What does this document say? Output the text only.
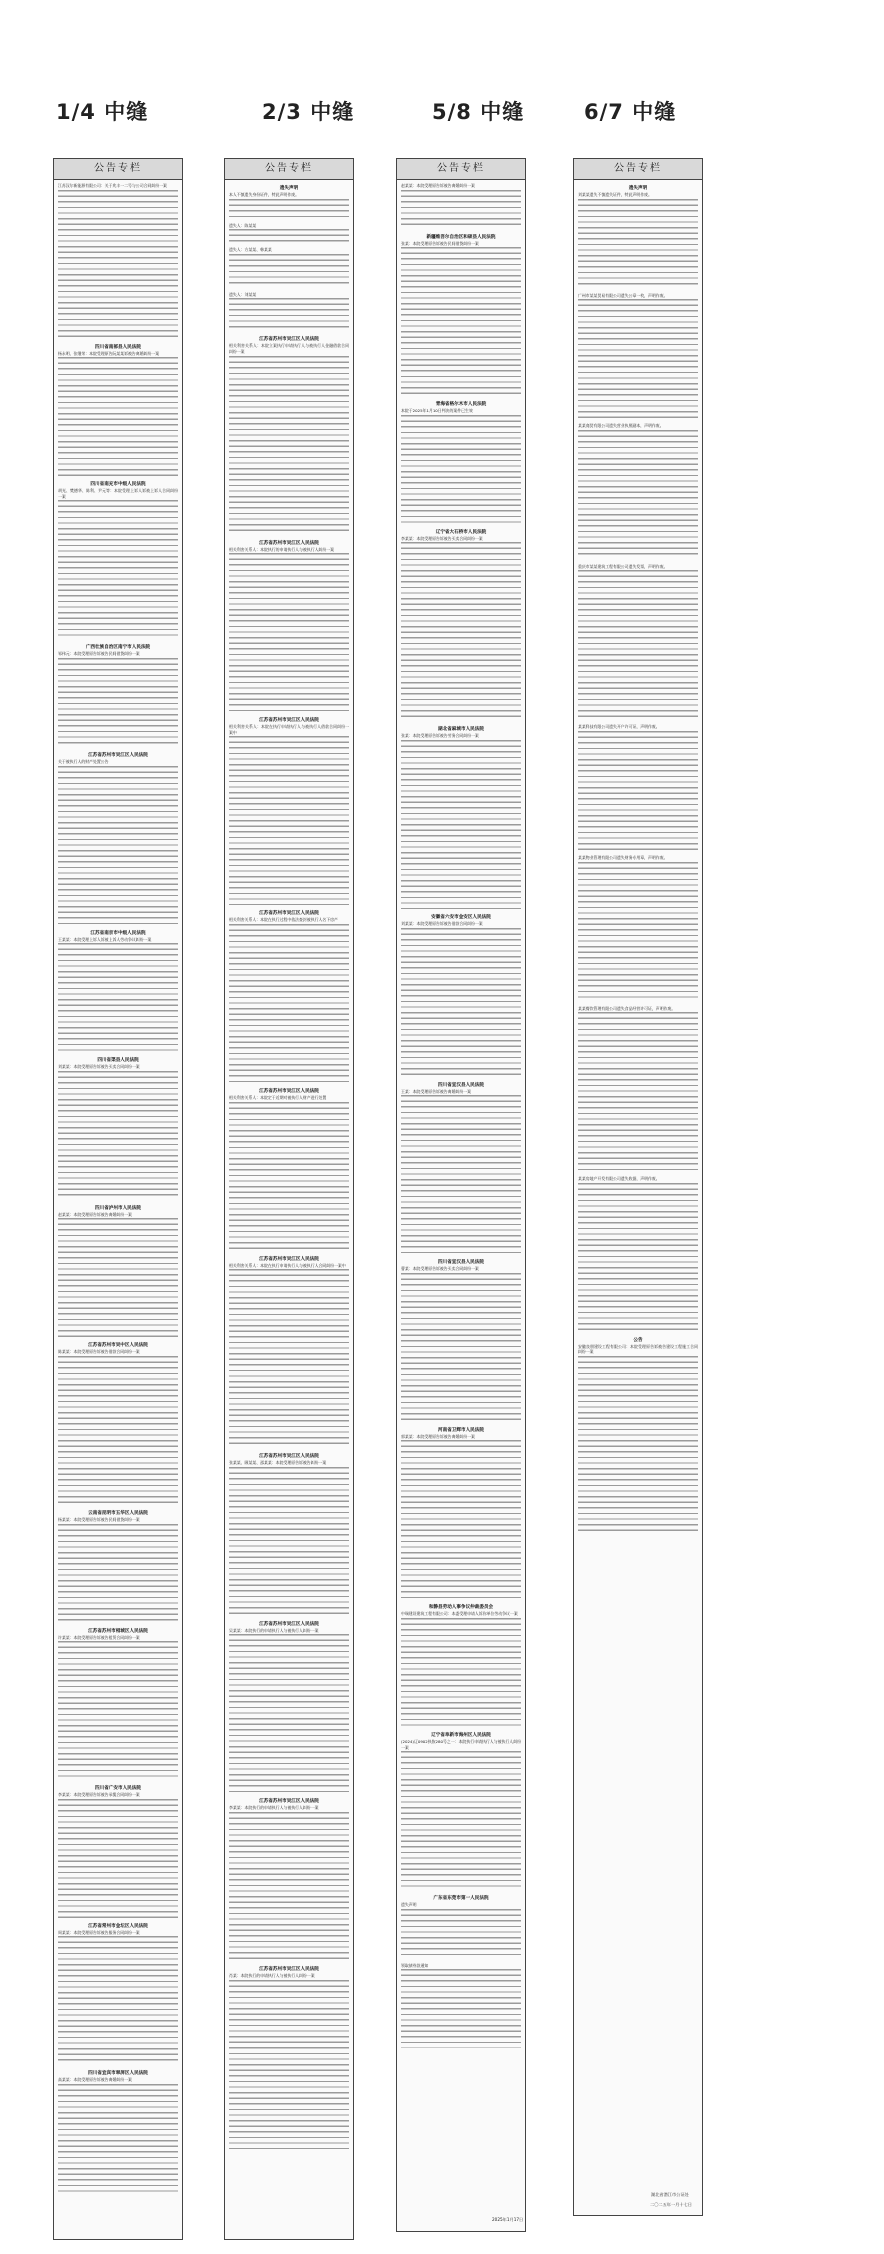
1/4 中缝	2/3 中缝	5/8 中缝	6/7 中缝
公告专栏
江苏汉尔新能源有限公司：关于兆丰一二号与公司合同纠纷一案
四川省南部县人民法院
杨永明、张继荣：本院受理原告阮某某诉被告离婚纠纷一案
四川省南充市中级人民法院
胡光、樊德华、陈利、尹元等：本院受理上诉人诉被上诉人合同纠纷一案
广西壮族自治区南宁市人民法院
邹伟元：本院受理原告诉被告民间借贷纠纷一案
江苏省苏州市吴江区人民法院
关于被执行人的财产处置公告
江苏省南京市中级人民法院
王某某：本院受理上诉人诉被上诉人劳动争议纠纷一案
四川省渠县人民法院
刘某某：本院受理原告诉被告买卖合同纠纷一案
四川省泸州市人民法院
赵某某：本院受理原告诉被告离婚纠纷一案
江苏省苏州市吴中区人民法院
陈某某：本院受理原告诉被告借款合同纠纷一案
云南省昆明市五华区人民法院
杨某某：本院受理原告诉被告民间借贷纠纷一案
江苏省苏州市相城区人民法院
许某某：本院受理原告诉被告租赁合同纠纷一案
四川省广安市人民法院
李某某：本院受理原告诉被告承揽合同纠纷一案
江苏省常州市金坛区人民法院
周某某：本院受理原告诉被告服务合同纠纷一案
四川省宜宾市翠屏区人民法院
高某某：本院受理原告诉被告离婚纠纷一案
公告专栏
遗失声明
本人不慎遗失身份证件，特此声明作废。
遗失人：陈某某
遗失人：方某某、韩某某
遗失人：刘某某
江苏省苏州市吴江区人民法院
相关利害关系人：本院立案执行申请执行人与被执行人金融借款合同纠纷一案
江苏省苏州市吴江区人民法院
相关利害关系人：本院执行的申请执行人与被执行人纠纷一案
江苏省苏州市吴江区人民法院
相关利害关系人：本院在执行申请执行人与被执行人借款合同纠纷一案中
江苏省苏州市吴江区人民法院
相关利害关系人：本院在执行过程中依法查封被执行人名下房产
江苏省苏州市吴江区人民法院
相关利害关系人：本院定于近期对被执行人财产进行处置
江苏省苏州市吴江区人民法院
相关利害关系人：本院在执行申请执行人与被执行人合同纠纷一案中
江苏省苏州市吴江区人民法院
张某某、顾某某、邵某某：本院受理原告诉被告纠纷一案
江苏省苏州市吴江区人民法院
吴某某：本院执行的申请执行人与被执行人纠纷一案
江苏省苏州市吴江区人民法院
李某某：本院执行的申请执行人与被执行人纠纷一案
江苏省苏州市吴江区人民法院
肖某：本院执行的申请执行人与被执行人纠纷一案
公告专栏
赵某某：本院受理原告诉被告离婚纠纷一案
新疆维吾尔自治区和硕县人民法院
张某：本院受理原告诉被告民间借贷纠纷一案
青海省格尔木市人民法院
本院于2025年1月10日判决的案件已生效
辽宁省大石桥市人民法院
李某某：本院受理原告诉被告买卖合同纠纷一案
湖北省麻城市人民法院
张某：本院受理原告诉被告劳务合同纠纷一案
安徽省六安市金安区人民法院
刘某某：本院受理原告诉被告借款合同纠纷一案
四川省宣汉县人民法院
王某：本院受理原告诉被告离婚纠纷一案
四川省宣汉县人民法院
曹某：本院受理原告诉被告买卖合同纠纷一案
河南省卫辉市人民法院
郭某某：本院受理原告诉被告离婚纠纷一案
和静县劳动人事争议仲裁委员会
中瑞建设建筑工程有限公司：本委受理申请人诉你单位劳动争议一案
辽宁省阜新市海州区人民法院
(2024)辽0902执恢280号之一：本院执行申请执行人与被执行人纠纷一案
广东省东莞市第一人民法院
遗失声明
领取债券款通知
公告专栏
遗失声明
刘某某遗失不慎遗失证件，特此声明作废。
广州市某某贸易有限公司遗失公章一枚，声明作废。
某某商贸有限公司遗失营业执照副本，声明作废。
重庆市某某建筑工程有限公司遗失发票，声明作废。
某某科技有限公司遗失开户许可证，声明作废。
某某物业管理有限公司遗失财务专用章，声明作废。
某某餐饮管理有限公司遗失食品经营许可证，声明作废。
某某房地产开发有限公司遗失收据，声明作废。
公告
安徽良朋建设工程有限公司：本院受理原告诉被告建设工程施工合同纠纷一案
2025年1月17日
湖北省潜江市公证处
二〇二五年一月十七日
